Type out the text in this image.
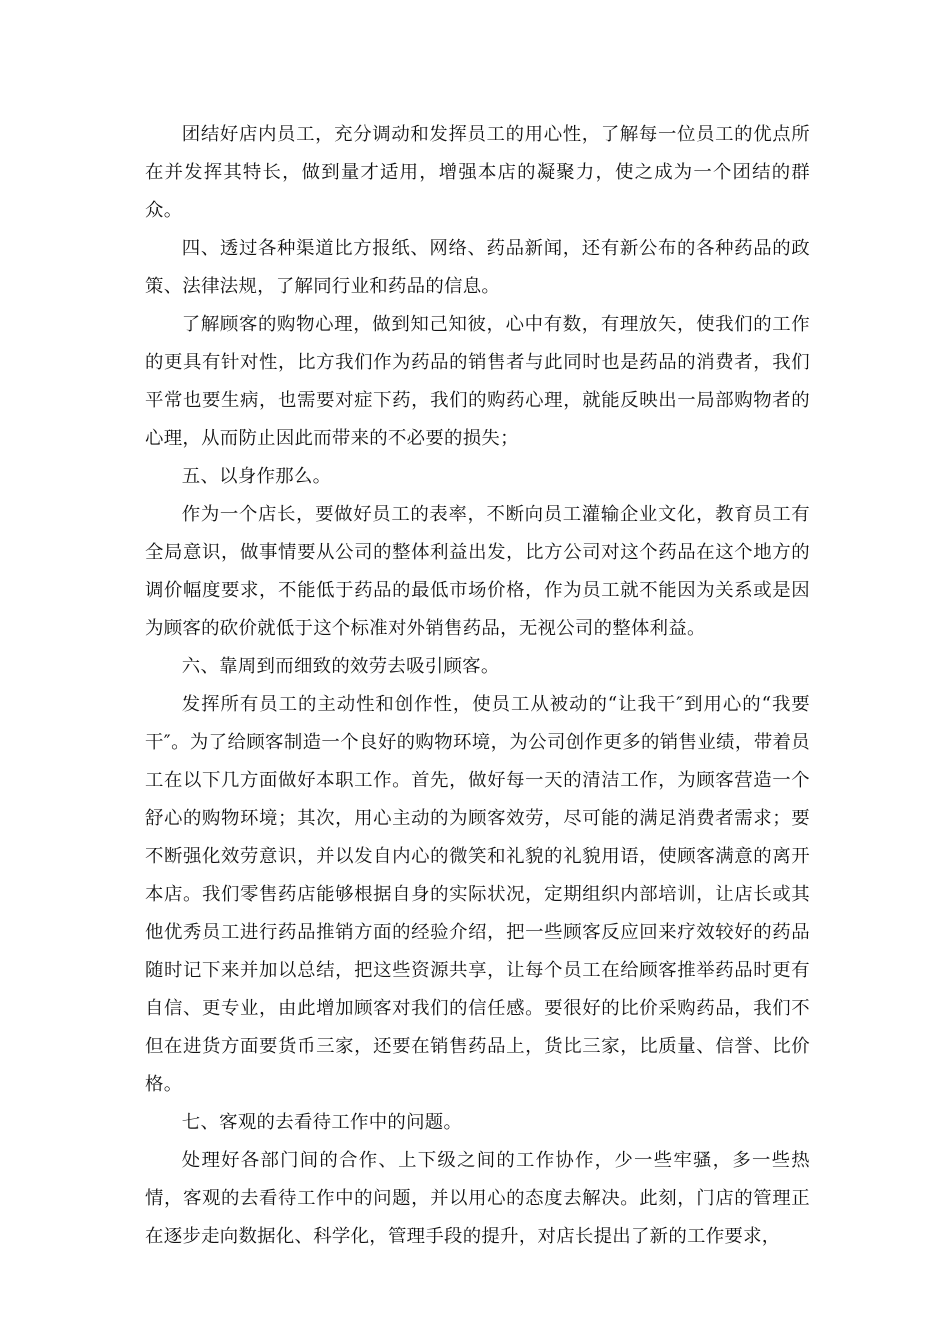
团结好店内员工，充分调动和发挥员工的用心性，了解每一位员工的优点所在并发挥其特长，做到量才适用，增强本店的凝聚力，使之成为一个团结的群众。

四、透过各种渠道比方报纸、网络、药品新闻，还有新公布的各种药品的政策、法律法规，了解同行业和药品的信息。

了解顾客的购物心理，做到知己知彼，心中有数，有理放矢，使我们的工作的更具有针对性，比方我们作为药品的销售者与此同时也是药品的消费者，我们平常也要生病，也需要对症下药，我们的购药心理，就能反映出一局部购物者的心理，从而防止因此而带来的不必要的损失；

五、以身作那么。

作为一个店长，要做好员工的表率，不断向员工灌输企业文化，教育员工有全局意识，做事情要从公司的整体利益出发，比方公司对这个药品在这个地方的调价幅度要求，不能低于药品的最低市场价格，作为员工就不能因为关系或是因为顾客的砍价就低于这个标准对外销售药品，无视公司的整体利益。

六、靠周到而细致的效劳去吸引顾客。

发挥所有员工的主动性和创作性，使员工从被动的“让我干″到用心的“我要干″。为了给顾客制造一个良好的购物环境，为公司创作更多的销售业绩，带着员工在以下几方面做好本职工作。首先，做好每一天的清洁工作，为顾客营造一个舒心的购物环境；其次，用心主动的为顾客效劳，尽可能的满足消费者需求；要不断强化效劳意识，并以发自内心的微笑和礼貌的礼貌用语，使顾客满意的离开本店。我们零售药店能够根据自身的实际状况，定期组织内部培训，让店长或其他优秀员工进行药品推销方面的经验介绍，把一些顾客反应回来疗效较好的药品随时记下来并加以总结，把这些资源共享，让每个员工在给顾客推举药品时更有自信、更专业，由此增加顾客对我们的信任感。要很好的比价采购药品，我们不但在进货方面要货币三家，还要在销售药品上，货比三家，比质量、信誉、比价格。

七、客观的去看待工作中的问题。

处理好各部门间的合作、上下级之间的工作协作，少一些牢骚，多一些热情，客观的去看待工作中的问题，并以用心的态度去解决。此刻，门店的管理正在逐步走向数据化、科学化，管理手段的提升，对店长提出了新的工作要求，
